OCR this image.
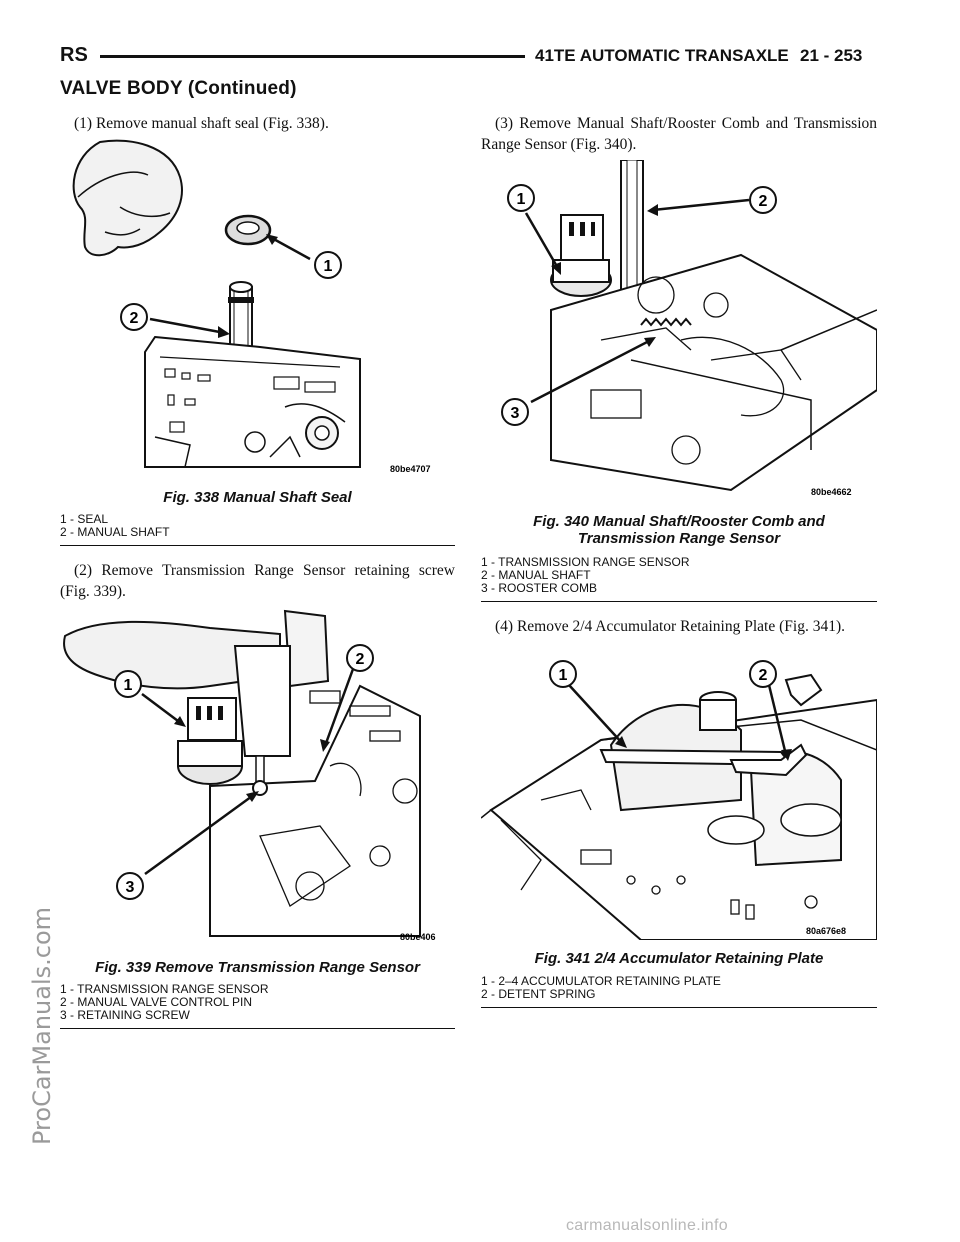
RS	41TE AUTOMATIC TRANSAXLE 21 - 253
VALVE BODY (Continued)
(1) Remove manual shaft seal (Fig. 338).
1
2
80be4707
Fig. 338 Manual Shaft Seal
1 - SEAL
2 - MANUAL SHAFT
(2) Remove Transmission Range Sensor retaining screw (Fig. 339).
1
2
3
80be406
Fig. 339 Remove Transmission Range Sensor
1 - TRANSMISSION RANGE SENSOR
2 - MANUAL VALVE CONTROL PIN
3 - RETAINING SCREW
(3) Remove Manual Shaft/Rooster Comb and Transmission Range Sensor (Fig. 340).
1	2
3
80be4662
Fig. 340 Manual Shaft/Rooster Comb and
Transmission Range Sensor
1 - TRANSMISSION RANGE SENSOR
2 - MANUAL SHAFT
3 - ROOSTER COMB
(4) Remove 2/4 Accumulator Retaining Plate (Fig. 341).
1	2
80a676e8
Fig. 341 2/4 Accumulator Retaining Plate
1 - 2–4 ACCUMULATOR RETAINING PLATE
2 - DETENT SPRING
ProCarManuals.com
carmanualsonline.info
